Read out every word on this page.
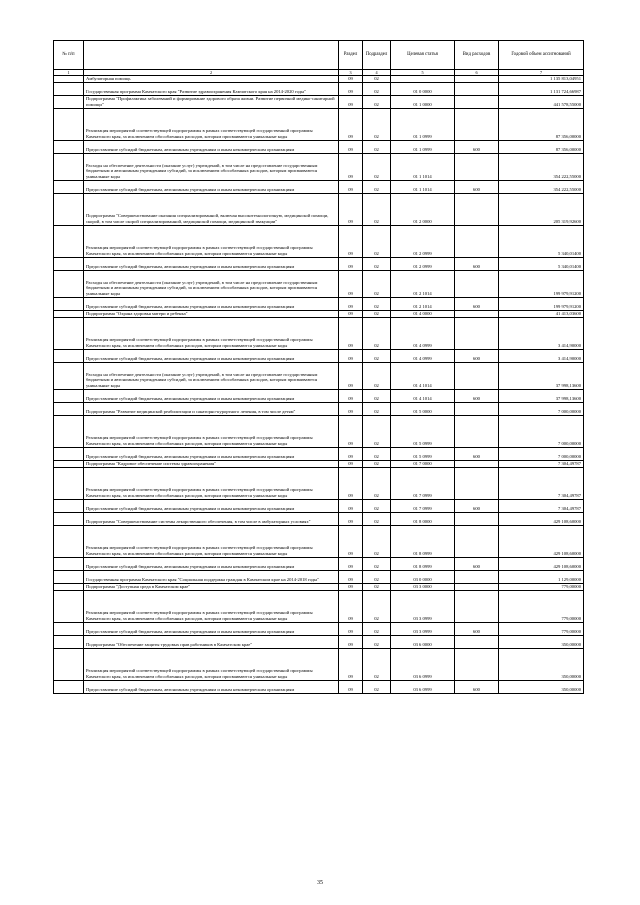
№ п/п		Раздел	Подраздел	Целевая статья	Вид расходов	Годовой объем ассигнований
1	2	3	4	5	6	7
	Амбулаторная помощь	09	02			1 135 813,04951
	Государственная программа Камчатского края "Развитие здравоохранения Камчатского края на 2014-2020 годы"	09	02	01 0 0000		1 131 724,66987
	Подпрограмма "Профилактика заболеваний и формирование здорового образа жизни. Развитие первичной медико-санитарной помощи"	09	02	01 1 0000		441 578,55000
	Реализация мероприятий соответствующей подпрограммы в рамках соответствующей государственной программы Камчатского края, за исключением обособленных расходов, которым присваиваются уникальные коды	09	02	01 1 0999		87 356,00000
	Предоставление субсидий бюджетным, автономным учреждениям и иным некоммерческим организациям	09	02	01 1 0999	600	87 356,00000
	Расходы на обеспечение деятельности (оказание услуг) учреждений, в том числе на предоставление государственным бюджетным и автономным учреждениям субсидий, за исключением обособленных расходов, которым присваиваются уникальные коды	09	02	01 1 1014		354 222,55000
	Предоставление субсидий бюджетным, автономным учреждениям и иным некоммерческим организациям	09	02	01 1 1014	600	354 222,55000
	Подпрограмма "Совершенствование оказания специализированной, включая высокотехнологичную, медицинской помощи, скорой, в том числе скорой специализированной, медицинской помощи, медицинской эвакуации"	09	02	01 2 0000		205 319,92600
	Реализация мероприятий соответствующей подпрограммы в рамках соответствующей государственной программы Камчатского края, за исключением обособленных расходов, которым присваиваются уникальные коды	09	02	01 2 0999		5 340,01400
	Предоставление субсидий бюджетным, автономным учреждениям и иным некоммерческим организациям	09	02	01 2 0999	600	5 340,01400
	Расходы на обеспечение деятельности (оказание услуг) учреждений, в том числе на предоставление государственным бюджетным и автономным учреждениям субсидий, за исключением обособленных расходов, которым присваиваются уникальные коды	09	02	01 2 1014		199 979,91200
	Предоставление субсидий бюджетным, автономным учреждениям и иным некоммерческим организациям	09	02	01 2 1014	600	199 979,91200
	Подпрограмма "Охрана здоровья матери и ребенка"	09	02	01 4 0000		41 413,03600
	Реализация мероприятий соответствующей подпрограммы в рамках соответствующей государственной программы Камчатского края, за исключением обособленных расходов, которым присваиваются уникальные коды	09	02	01 4 0999		3 414,90000
	Предоставление субсидий бюджетным, автономным учреждениям и иным некоммерческим организациям	09	02	01 4 0999	600	3 414,90000
	Расходы на обеспечение деятельности (оказание услуг) учреждений, в том числе на предоставление государственным бюджетным и автономным учреждениям субсидий, за исключением обособленных расходов, которым присваиваются уникальные коды	09	02	01 4 1014		37 998,13600
	Предоставление субсидий бюджетным, автономным учреждениям и иным некоммерческим организациям	09	02	01 4 1014	600	37 998,13600
	Подпрограмма "Развитие медицинской реабилитации и санаторно-курортного лечения, в том числе детям"	09	02	01 5 0000		7 000,00000
	Реализация мероприятий соответствующей подпрограммы в рамках соответствующей государственной программы Камчатского края, за исключением обособленных расходов, которым присваиваются уникальные коды	09	02	01 5 0999		7 000,00000
	Предоставление субсидий бюджетным, автономным учреждениям и иным некоммерческим организациям	09	02	01 5 0999	600	7 000,00000
	Подпрограмма "Кадровое обеспечение системы здравоохранения"	09	02	01 7 0000		7 304,49787
	Реализация мероприятий соответствующей подпрограммы в рамках соответствующей государственной программы Камчатского края, за исключением обособленных расходов, которым присваиваются уникальные коды	09	02	01 7 0999		7 304,49787
	Предоставление субсидий бюджетным, автономным учреждениям и иным некоммерческим организациям	09	02	01 7 0999	600	7 304,49787
	Подпрограмма "Совершенствование системы лекарственного обеспечения, в том числе в амбулаторных условиях"	09	02	01 8 0000		429 108,60000
	Реализация мероприятий соответствующей подпрограммы в рамках соответствующей государственной программы Камчатского края, за исключением обособленных расходов, которым присваиваются уникальные коды	09	02	01 8 0999		429 108,60000
	Предоставление субсидий бюджетным, автономным учреждениям и иным некоммерческим организациям	09	02	01 8 0999	600	429 108,60000
	Государственная программа Камчатского края "Социальная поддержка граждан в Камчатском крае на 2014-2018 годы"	09	02	03 0 0000		1 129,00000
	Подпрограмма "Доступная среда в Камчатском крае"	09	02	03 3 0000		779,00000
	Реализация мероприятий соответствующей подпрограммы в рамках соответствующей государственной программы Камчатского края, за исключением обособленных расходов, которым присваиваются уникальные коды	09	02	03 3 0999		779,00000
	Предоставление субсидий бюджетным, автономным учреждениям и иным некоммерческим организациям	09	02	03 3 0999	600	779,00000
	Подпрограмма "Обеспечение защиты трудовых прав работников в Камчатском крае"	09	02	03 6 0000		350,00000
	Реализация мероприятий соответствующей подпрограммы в рамках соответствующей государственной программы Камчатского края, за исключением обособленных расходов, которым присваиваются уникальные коды	09	02	03 6 0999		350,00000
	Предоставление субсидий бюджетным, автономным учреждениям и иным некоммерческим организациям	09	02	03 6 0999	600	350,00000
35
